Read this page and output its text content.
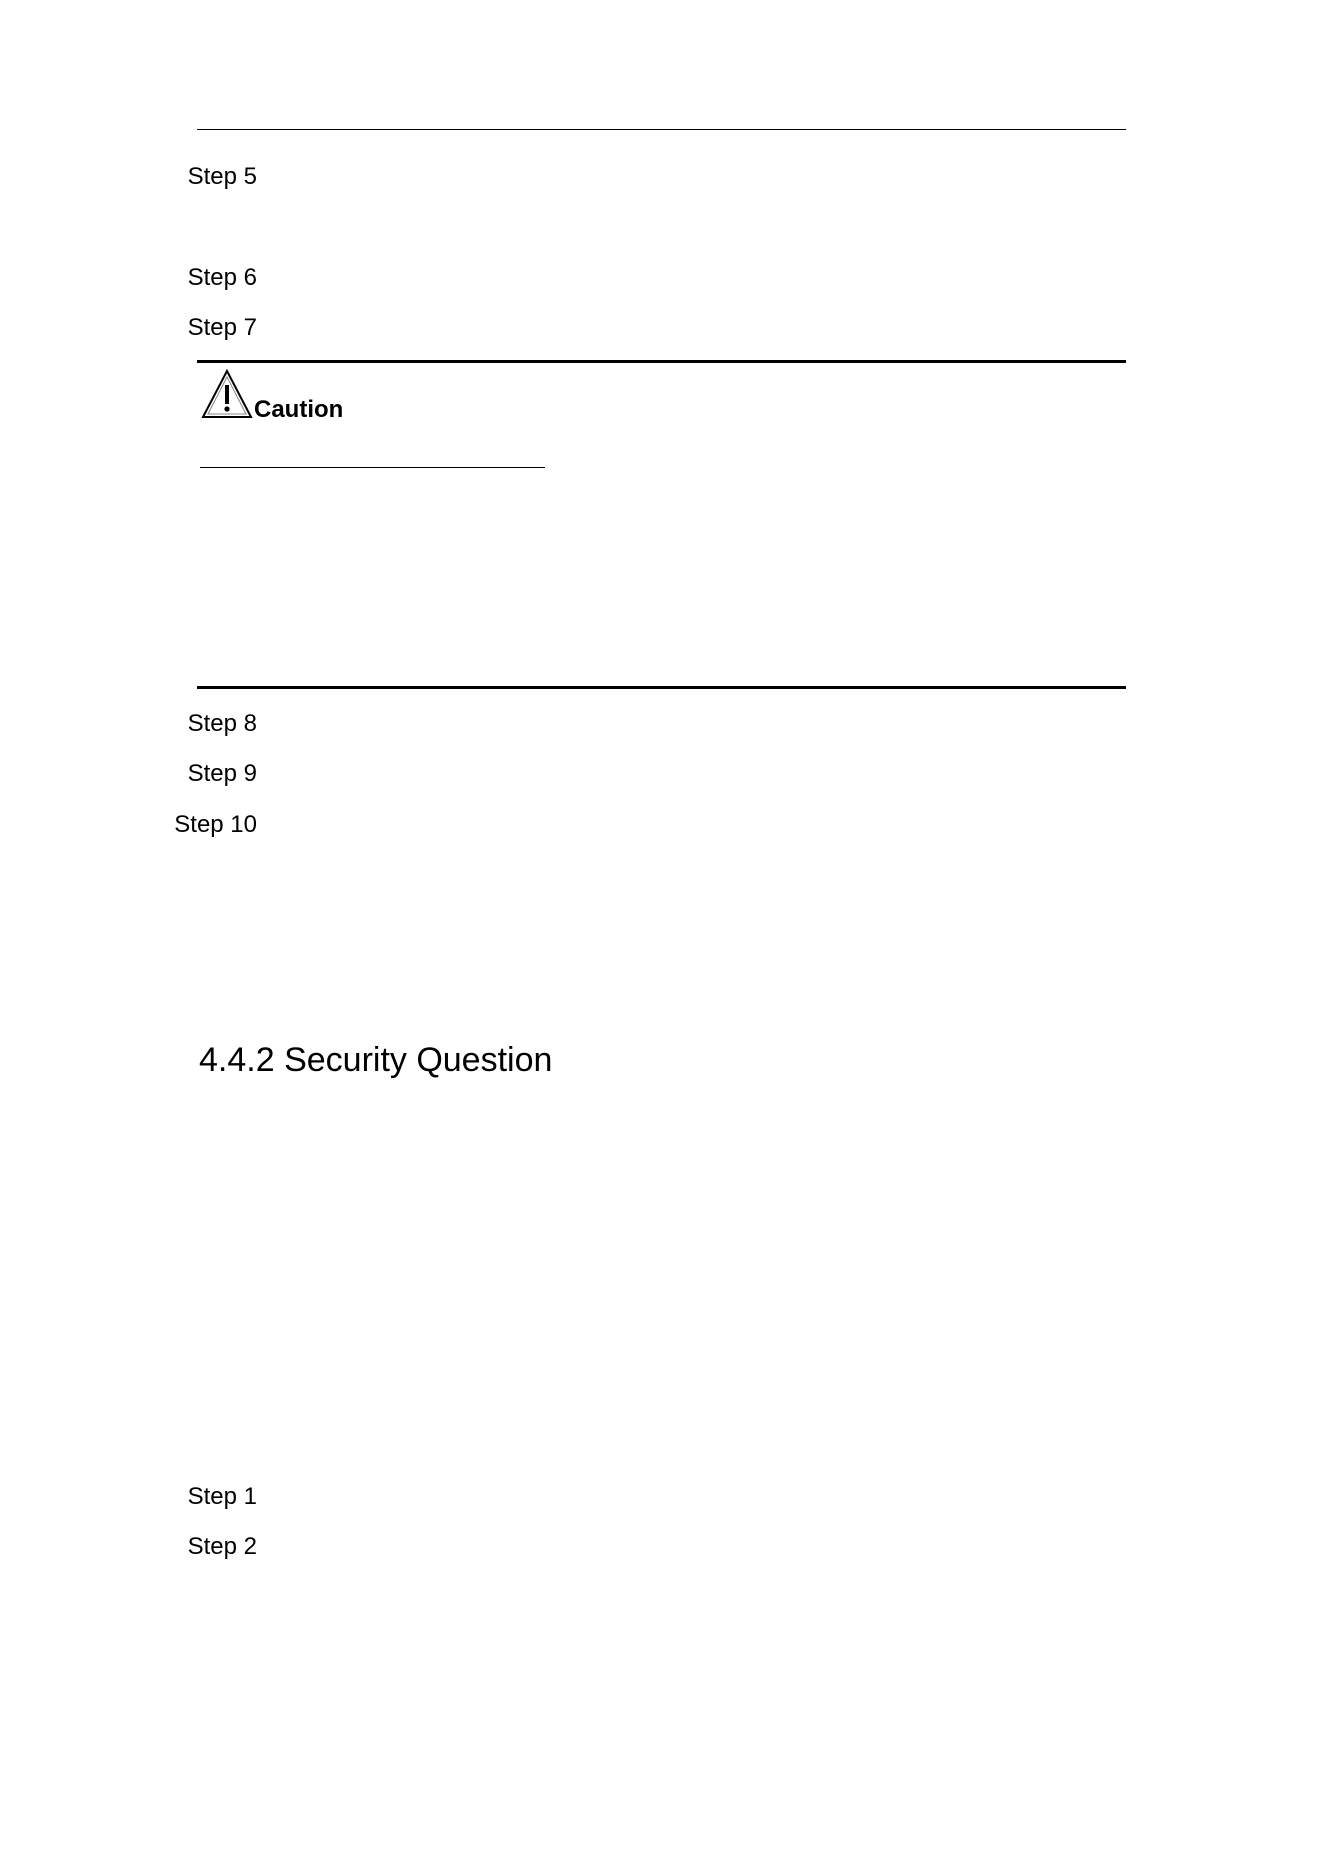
Step 5
Step 6
Step 7
Caution
Step 8
Step 9
Step 10
4.4.2 Security Question
Step 1
Step 2
